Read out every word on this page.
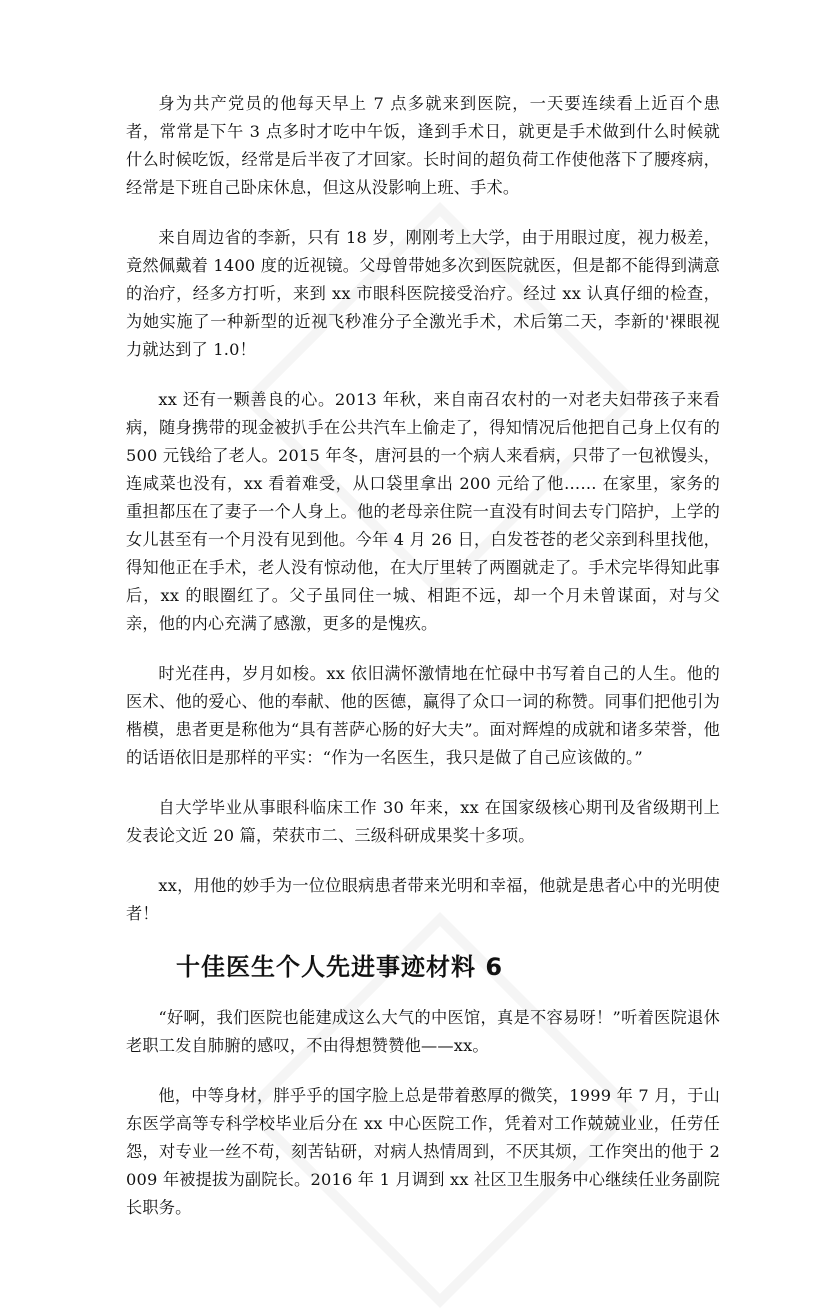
身为共产党员的他每天早上 7 点多就来到医院，一天要连续看上近百个患者，常常是下午 3 点多时才吃中午饭，逢到手术日，就更是手术做到什么时候就什么时候吃饭，经常是后半夜了才回家。长时间的超负荷工作使他落下了腰疼病，经常是下班自己卧床休息，但这从没影响上班、手术。

来自周边省的李新，只有 18 岁，刚刚考上大学，由于用眼过度，视力极差，竟然佩戴着 1400 度的近视镜。父母曾带她多次到医院就医，但是都不能得到满意的治疗，经多方打听，来到 xx 市眼科医院接受治疗。经过 xx 认真仔细的检查，为她实施了一种新型的近视飞秒准分子全激光手术，术后第二天，李新的'裸眼视力就达到了 1.0！

xx 还有一颗善良的心。2013 年秋，来自南召农村的一对老夫妇带孩子来看病，随身携带的现金被扒手在公共汽车上偷走了，得知情况后他把自己身上仅有的 500 元钱给了老人。2015 年冬，唐河县的一个病人来看病，只带了一包袱馒头，连咸菜也没有，xx 看着难受，从口袋里拿出 200 元给了他…… 在家里，家务的重担都压在了妻子一个人身上。他的老母亲住院一直没有时间去专门陪护，上学的女儿甚至有一个月没有见到他。今年 4 月 26 日，白发苍苍的老父亲到科里找他，得知他正在手术，老人没有惊动他，在大厅里转了两圈就走了。手术完毕得知此事后，xx 的眼圈红了。父子虽同住一城、相距不远，却一个月未曾谋面，对与父亲，他的内心充满了感激，更多的是愧疚。

时光荏冉，岁月如梭。xx 依旧满怀激情地在忙碌中书写着自己的人生。他的医术、他的爱心、他的奉献、他的医德，赢得了众口一词的称赞。同事们把他引为楷模，患者更是称他为“具有菩萨心肠的好大夫”。面对辉煌的成就和诸多荣誉，他的话语依旧是那样的平实：“作为一名医生，我只是做了自己应该做的。”

自大学毕业从事眼科临床工作 30 年来，xx 在国家级核心期刊及省级期刊上发表论文近 20 篇，荣获市二、三级科研成果奖十多项。

xx，用他的妙手为一位位眼病患者带来光明和幸福，他就是患者心中的光明使者！

十佳医生个人先进事迹材料 6

“好啊，我们医院也能建成这么大气的中医馆，真是不容易呀！”听着医院退休老职工发自肺腑的感叹，不由得想赞赞他——xx。

他，中等身材，胖乎乎的国字脸上总是带着憨厚的微笑，1999 年 7 月，于山东医学高等专科学校毕业后分在 xx 中心医院工作，凭着对工作兢兢业业，任劳任怨，对专业一丝不苟，刻苦钻研，对病人热情周到，不厌其烦，工作突出的他于 2009 年被提拔为副院长。2016 年 1 月调到 xx 社区卫生服务中心继续任业务副院长职务。
